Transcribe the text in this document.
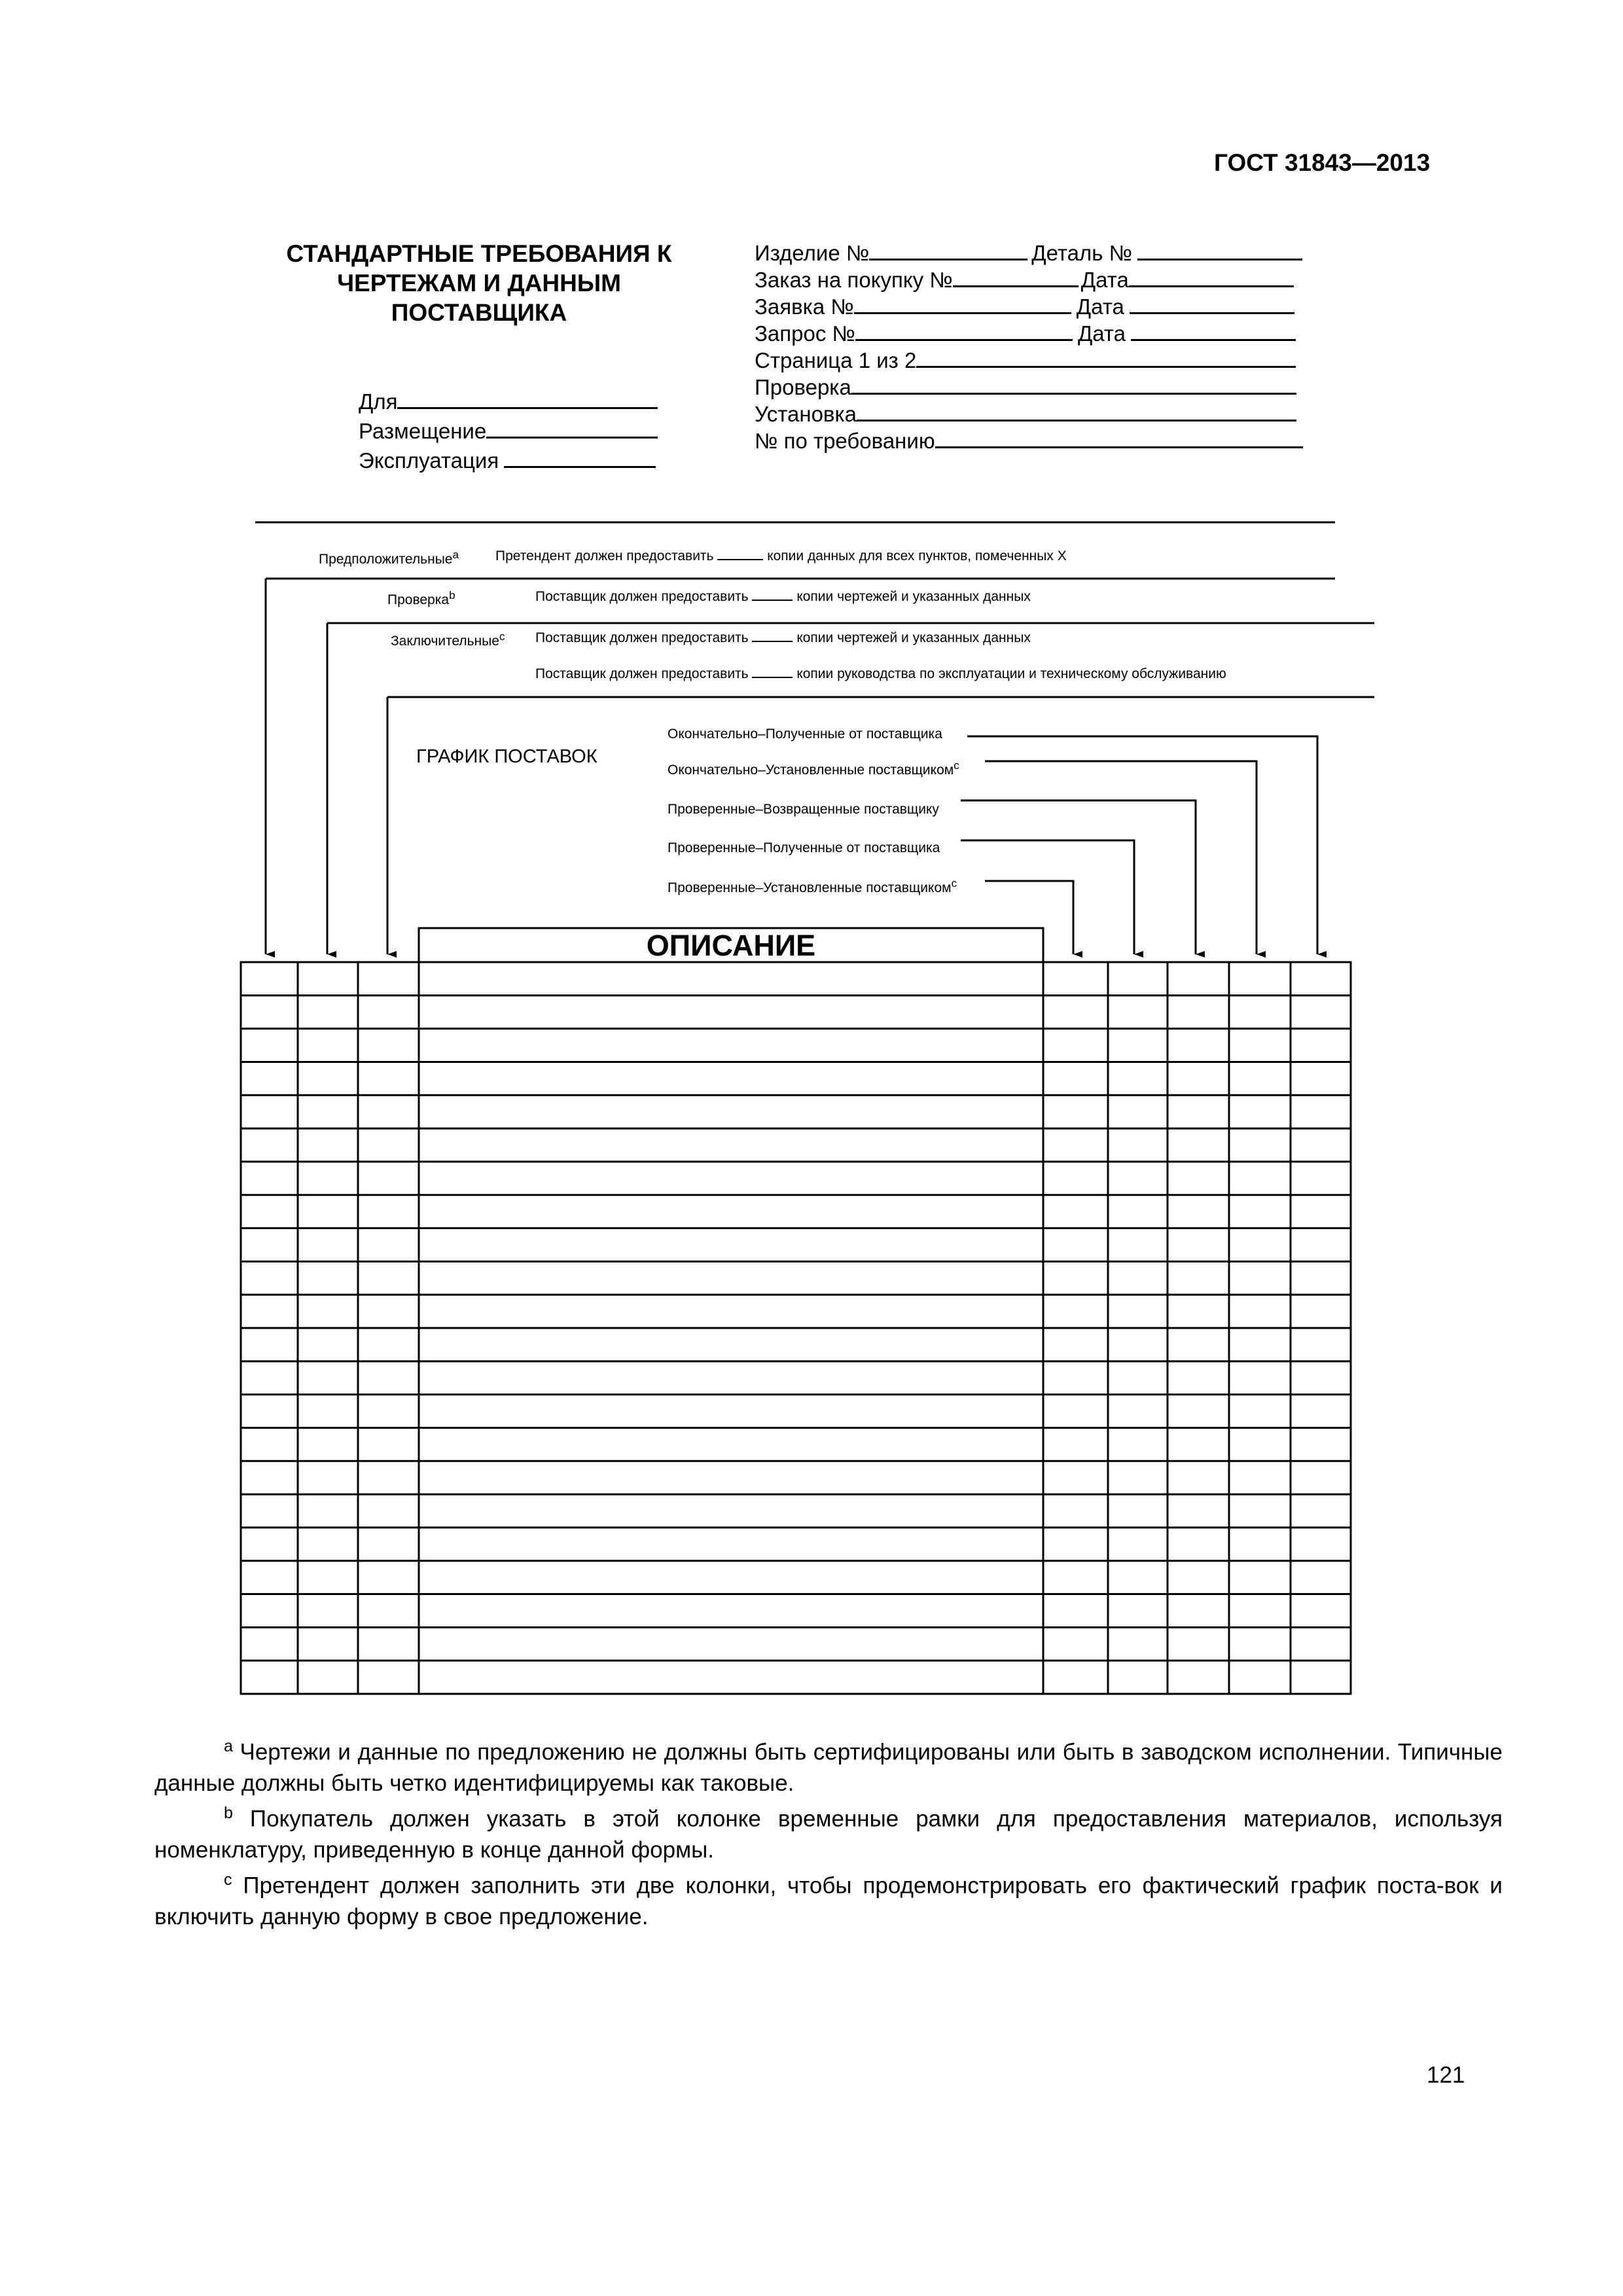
ГОСТ 31843—2013
СТАНДАРТНЫЕ ТРЕБОВАНИЯ К ЧЕРТЕЖАМ И ДАННЫМ ПОСТАВЩИКА
Для
Размещение
Эксплуатация
Изделие №	Деталь №
Заказ на покупку №	Дата
Заявка №	Дата
Запрос №	Дата
Страница 1 из 2
Проверка
Установка
№ по требованию
Предположительные$^a$	Претендент должен предоставить	копии данных для всех пунктов, помеченных Х
Проверка$^b$	Поставщик должен предоставить	копии чертежей и указанных данных
Заключительные$^c$ Поставщик должен предоставить	копии чертежей и указанных данных
Поставщик должен предоставить	копии руководства по эксплуатации и техническому обслуживанию
ГРАФИК ПОСТАВОК
Окончательно–Полученные от поставщика
Окончательно–Установленные поставщиком$^c$
Проверенные–Возвращенные поставщику
Проверенные–Полученные от поставщика
Проверенные–Установленные поставщиком$^c$
ОПИСАНИЕ
$^a$ Чертежи и данные по предложению не должны быть сертифицированы или быть в заводском исполнении. Типичные данные должны быть четко идентифицируемы как таковые.
$^b$ Покупатель должен указать в этой колонке временные рамки для предоставления материалов, используя номенклатуру, приведенную в конце данной формы.
$^c$ Претендент должен заполнить эти две колонки, чтобы продемонстрировать его фактический график поста-вок и включить данную форму в свое предложение.
121
